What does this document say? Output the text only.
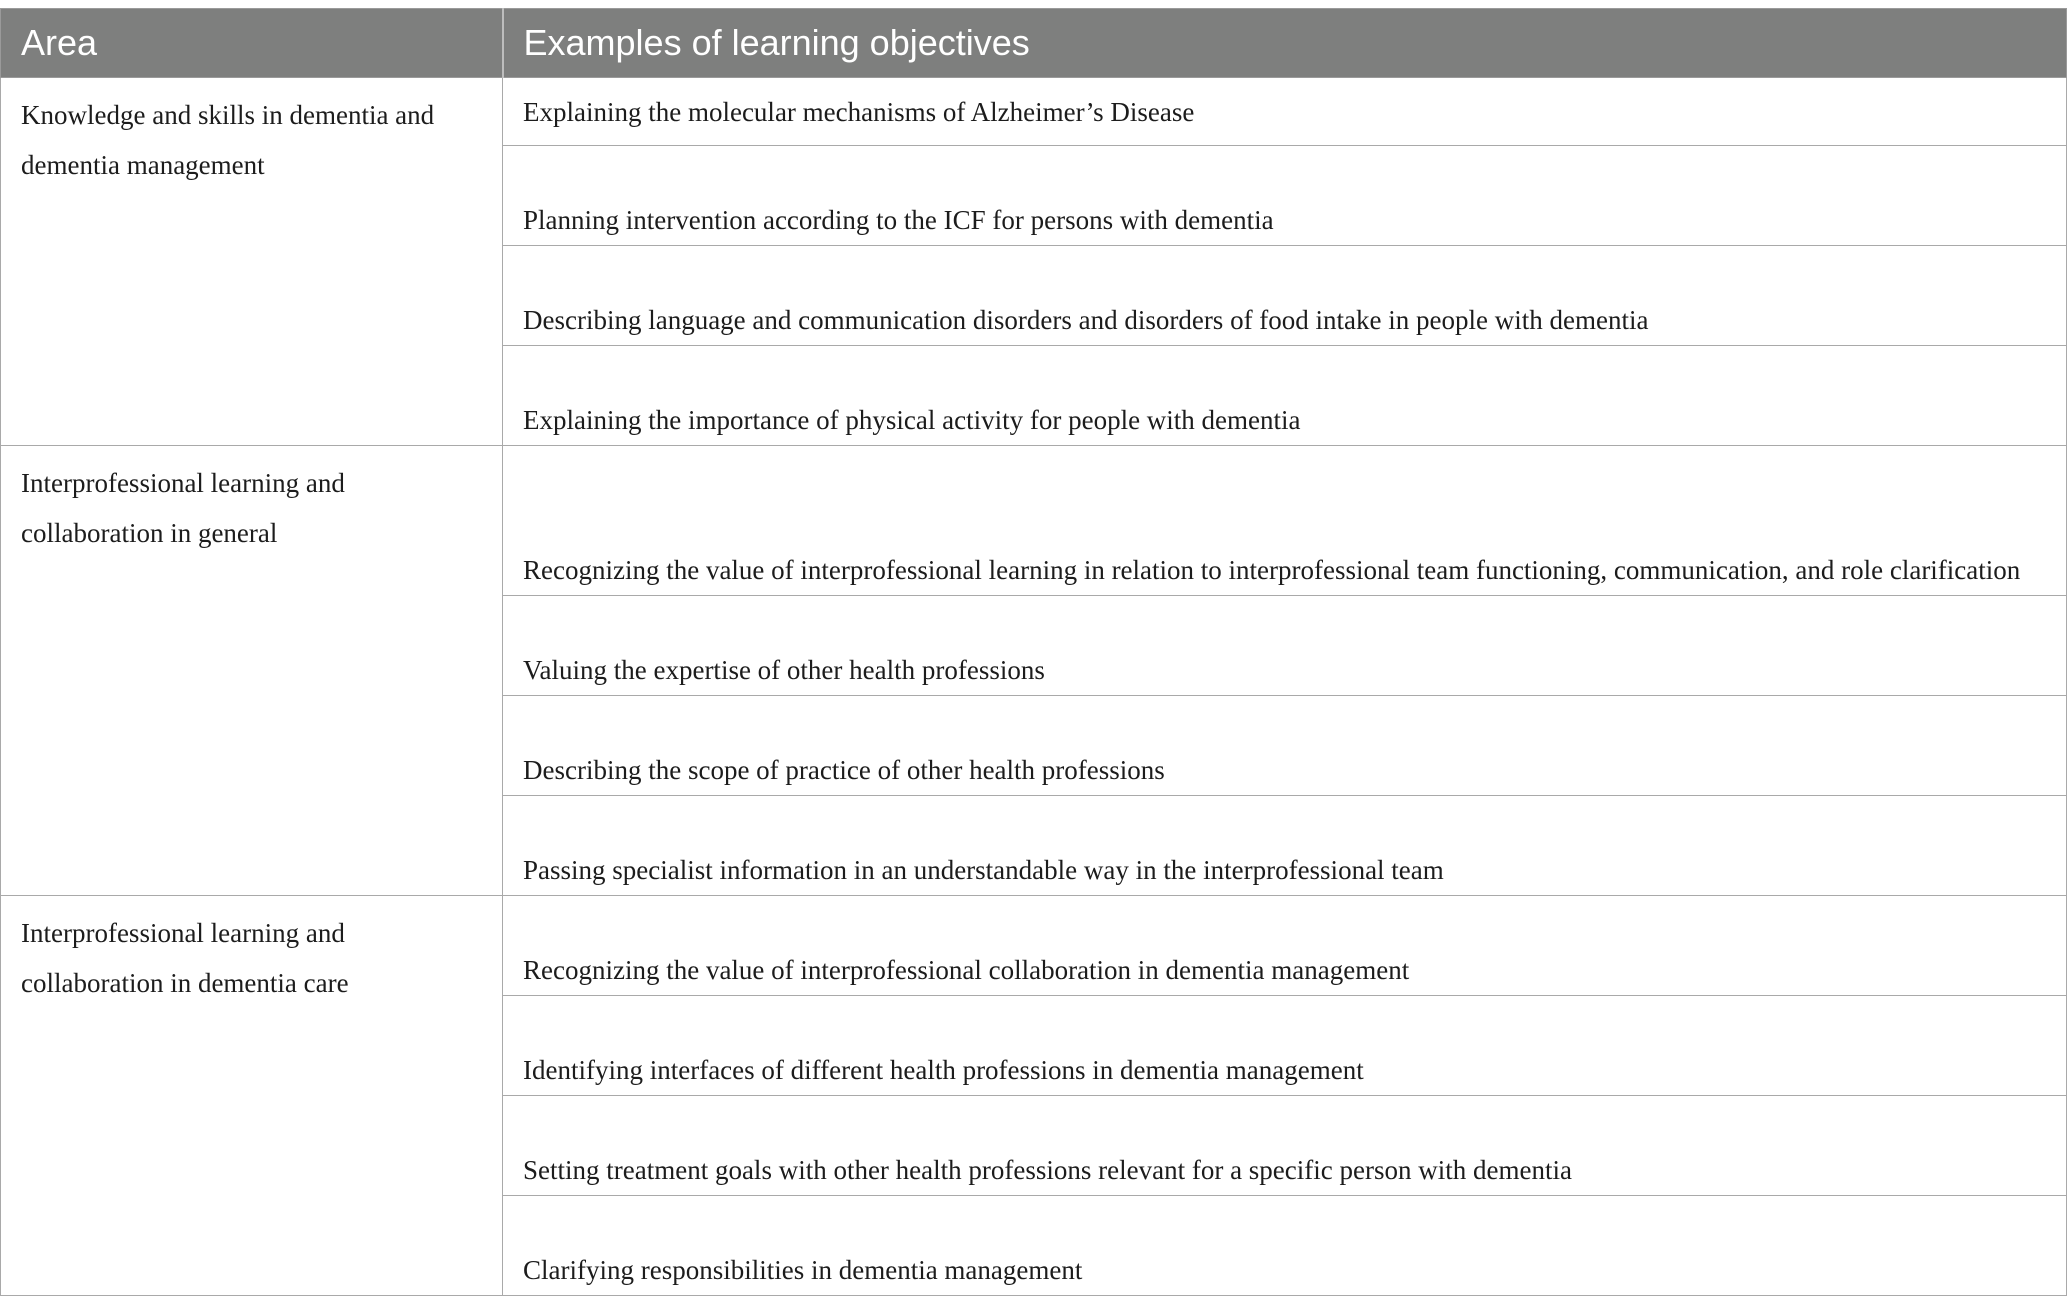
Area	Examples of learning objectives
Knowledge and skills in dementia and dementia management	Explaining the molecular mechanisms of Alzheimer’s Disease
	Planning intervention according to the ICF for persons with dementia
	Describing language and communication disorders and disorders of food intake in people with dementia
	Explaining the importance of physical activity for people with dementia
Interprofessional learning and collaboration in general	Recognizing the value of interprofessional learning in relation to interprofessional team functioning, communication, and role clarification
	Valuing the expertise of other health professions
	Describing the scope of practice of other health professions
	Passing specialist information in an understandable way in the interprofessional team
Interprofessional learning and collaboration in dementia care	Recognizing the value of interprofessional collaboration in dementia management
	Identifying interfaces of different health professions in dementia management
	Setting treatment goals with other health professions relevant for a specific person with dementia
	Clarifying responsibilities in dementia management
